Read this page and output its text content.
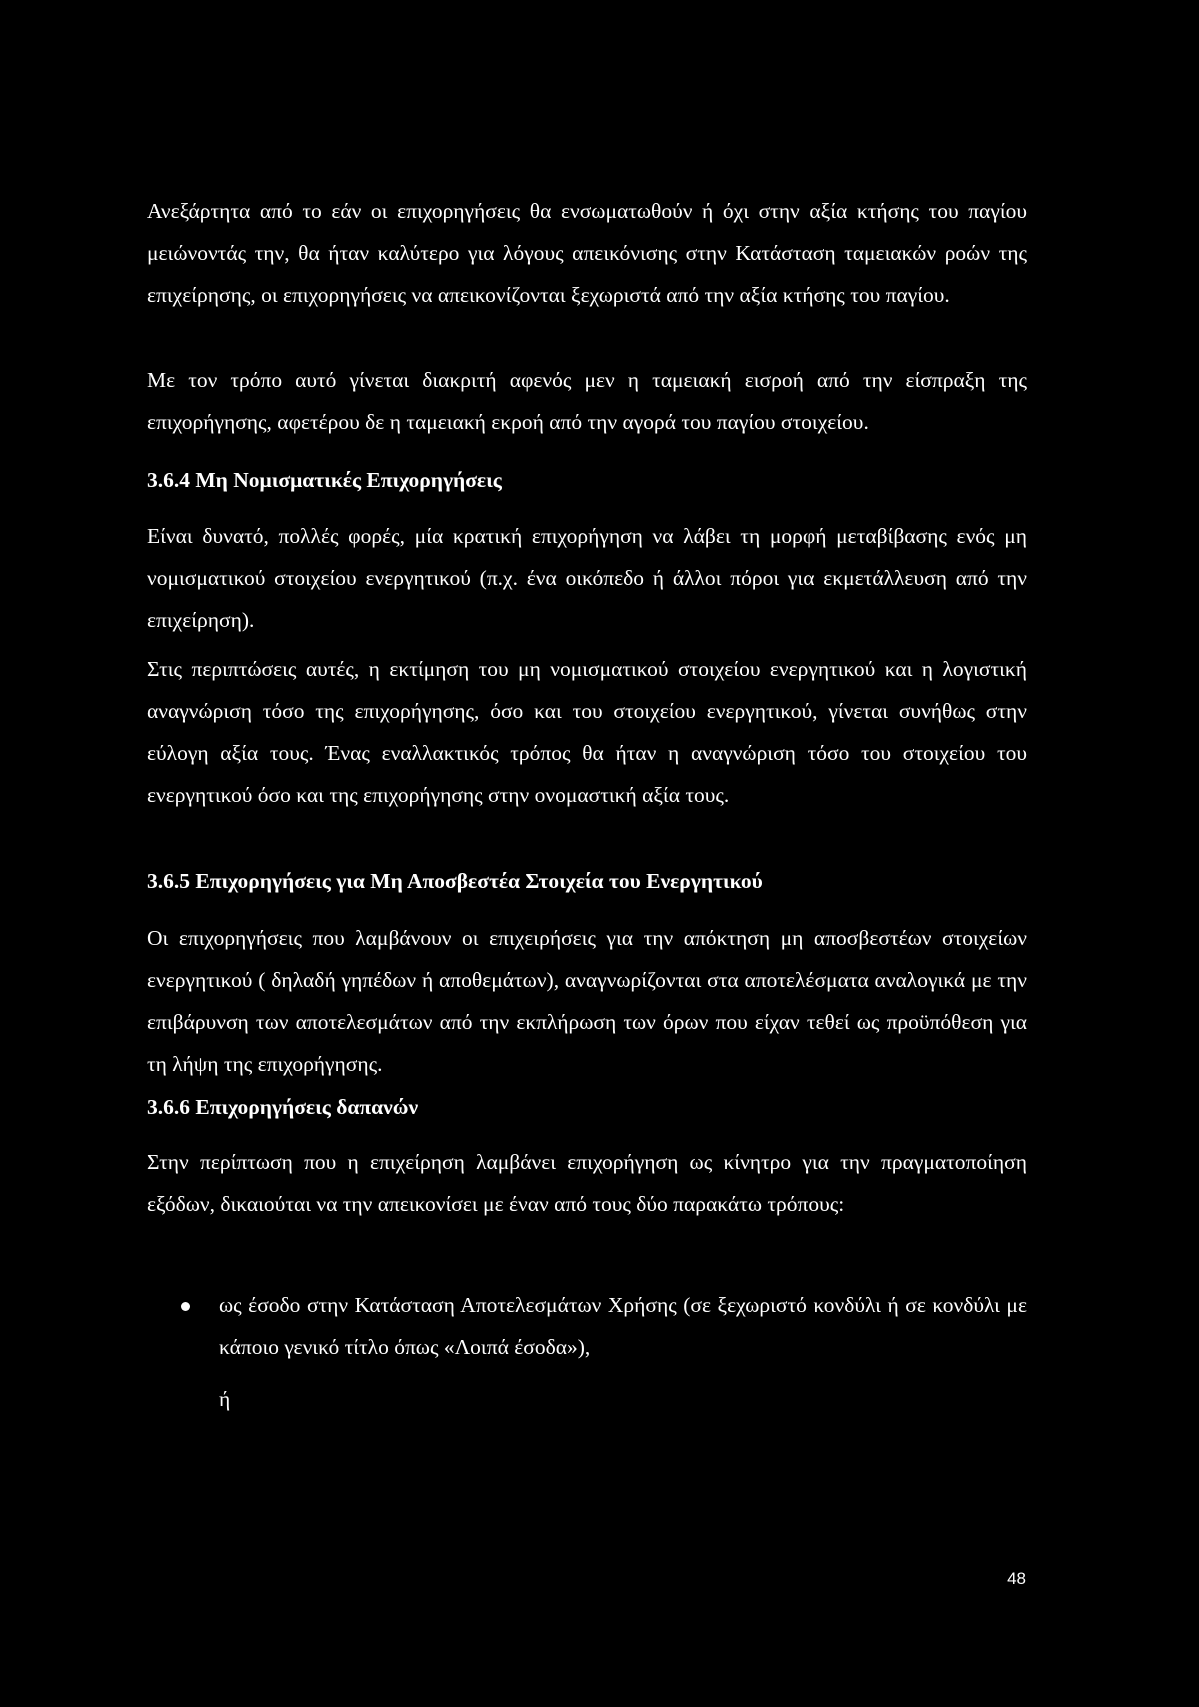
Ανεξάρτητα από το εάν οι επιχορηγήσεις θα ενσωματωθούν ή όχι στην αξία κτήσης του παγίου μειώνοντάς την, θα ήταν καλύτερο για λόγους απεικόνισης στην Κατάσταση ταμειακών ροών της επιχείρησης, οι επιχορηγήσεις να απεικονίζονται ξεχωριστά από την αξία κτήσης του παγίου.

Με τον τρόπο αυτό γίνεται διακριτή αφενός μεν η ταμειακή εισροή από την είσπραξη της επιχορήγησης, αφετέρου δε η ταμειακή εκροή από την αγορά του παγίου στοιχείου.

3.6.4 Μη Νομισματικές Επιχορηγήσεις

Είναι δυνατό, πολλές φορές, μία κρατική επιχορήγηση να λάβει τη μορφή μεταβίβασης ενός μη νομισματικού στοιχείου ενεργητικού (π.χ. ένα οικόπεδο ή άλλοι πόροι για εκμετάλλευση από την επιχείρηση).

Στις περιπτώσεις αυτές, η εκτίμηση του μη νομισματικού στοιχείου ενεργητικού και η λογιστική αναγνώριση τόσο της επιχορήγησης, όσο και του στοιχείου ενεργητικού, γίνεται συνήθως στην εύλογη αξία τους. Ένας εναλλακτικός τρόπος θα ήταν η αναγνώριση τόσο του στοιχείου του ενεργητικού όσο και της επιχορήγησης στην ονομαστική αξία τους.

3.6.5 Επιχορηγήσεις για Μη Αποσβεστέα Στοιχεία του Ενεργητικού

Οι επιχορηγήσεις που λαμβάνουν οι επιχειρήσεις για την απόκτηση μη αποσβεστέων στοιχείων ενεργητικού ( δηλαδή γηπέδων ή αποθεμάτων), αναγνωρίζονται στα αποτελέσματα αναλογικά με την επιβάρυνση των αποτελεσμάτων από την εκπλήρωση των όρων που είχαν τεθεί ως προϋπόθεση για τη λήψη της επιχορήγησης.

3.6.6 Επιχορηγήσεις δαπανών

Στην περίπτωση που η επιχείρηση λαμβάνει επιχορήγηση ως κίνητρο για την πραγματοποίηση εξόδων, δικαιούται να την απεικονίσει με έναν από τους δύο παρακάτω τρόπους:

ως έσοδο στην Κατάσταση Αποτελεσμάτων Χρήσης (σε ξεχωριστό κονδύλι ή σε κονδύλι με κάποιο γενικό τίτλο όπως «Λοιπά έσοδα»),
ή
48
